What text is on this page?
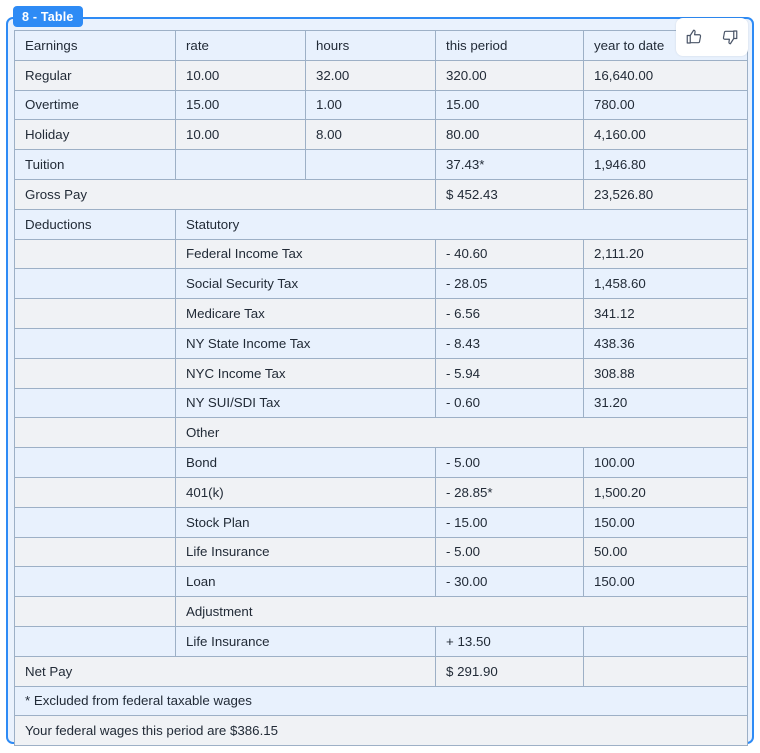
8 - Table
Earnings	rate	hours	this period	year to date
Regular	10.00	32.00	320.00	16,640.00
Overtime	15.00	1.00	15.00	780.00
Holiday	10.00	8.00	80.00	4,160.00
Tuition			37.43*	1,946.80
Gross Pay			$ 452.43	23,526.80
Deductions	Statutory			
	Federal Income Tax		- 40.60	2,111.20
	Social Security Tax		- 28.05	1,458.60
	Medicare Tax		- 6.56	341.12
	NY State Income Tax		- 8.43	438.36
	NYC Income Tax		- 5.94	308.88
	NY SUI/SDI Tax		- 0.60	31.20
	Other			
	Bond		- 5.00	100.00
	401(k)		- 28.85*	1,500.20
	Stock Plan		- 15.00	150.00
	Life Insurance		- 5.00	50.00
	Loan		- 30.00	150.00
	Adjustment			
	Life Insurance		+ 13.50	
Net Pay			$ 291.90	
* Excluded from federal taxable wages				
Your federal wages this period are $386.15				
